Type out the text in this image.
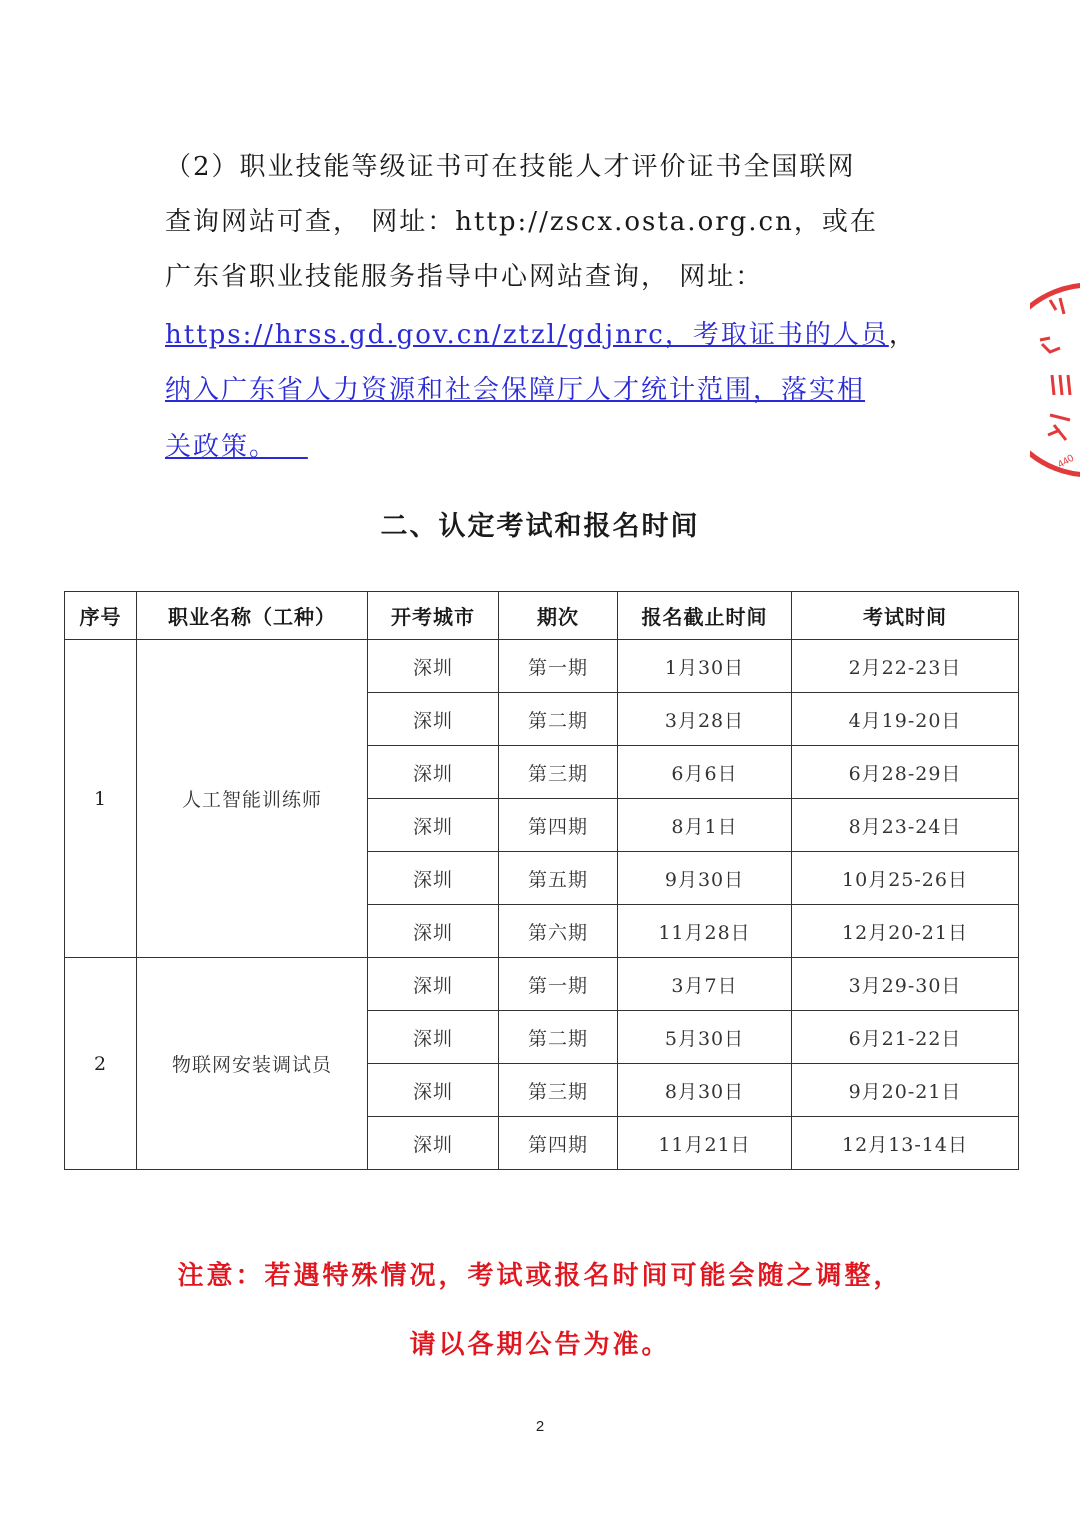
（2）职业技能等级证书可在技能人才评价证书全国联网

查询网站可查， 网址：http://zscx.osta.org.cn，或在

广东省职业技能服务指导中心网站查询， 网址：

https://hrss.gd.gov.cn/ztzl/gdjnrc，考取证书的人员，
纳入广东省人力资源和社会保障厅人才统计范围，落实相
关政策。
二、认定考试和报名时间
序号	职业名称（工种）	开考城市	期次	报名截止时间	考试时间
1	人工智能训练师	深圳	第一期	1月30日	2月22-23日
		深圳	第二期	3月28日	4月19-20日
		深圳	第三期	6月6日	6月28-29日
		深圳	第四期	8月1日	8月23-24日
		深圳	第五期	9月30日	10月25-26日
		深圳	第六期	11月28日	12月20-21日
2	物联网安装调试员	深圳	第一期	3月7日	3月29-30日
		深圳	第二期	5月30日	6月21-22日
		深圳	第三期	8月30日	9月20-21日
		深圳	第四期	11月21日	12月13-14日
注意：若遇特殊情况，考试或报名时间可能会随之调整，
请以各期公告为准。
2
440
